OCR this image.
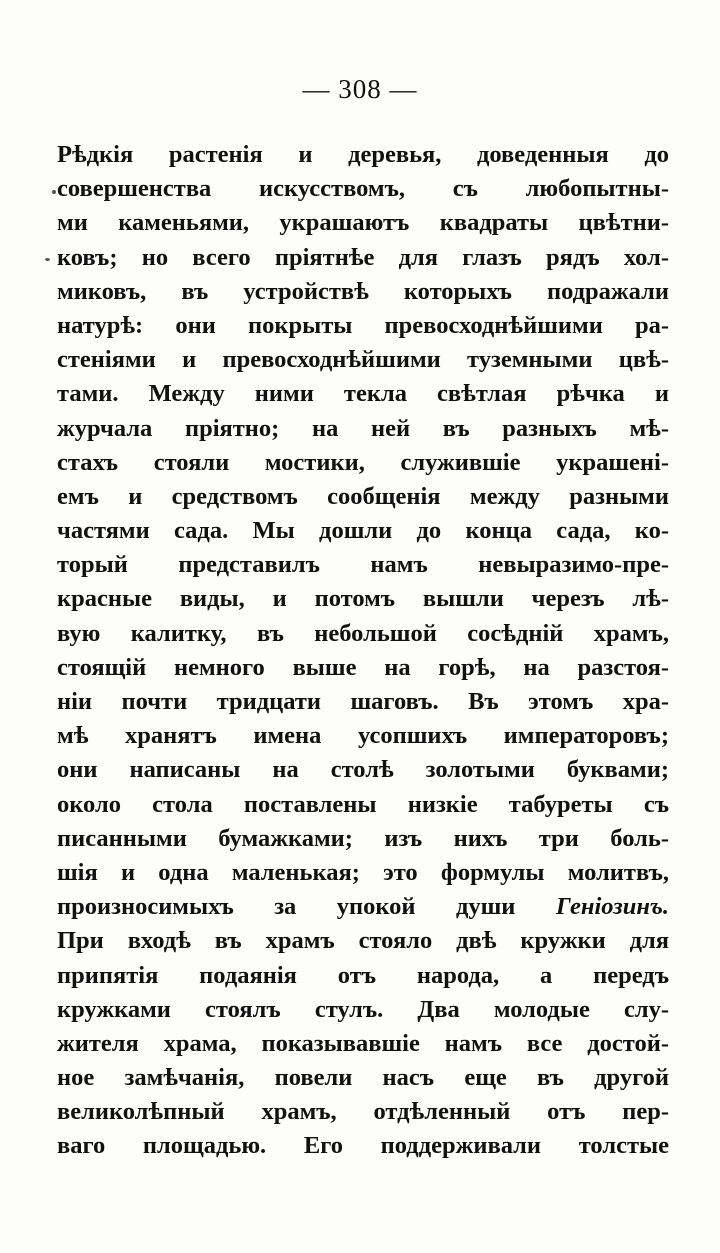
— 308 —
Рѣдкія растенія и деревья, доведенныя до
совершенства искусствомъ, съ любопытны-
ми каменьями, украшаютъ квадраты цвѣтни-
ковъ; но всего пріятнѣе для глазъ рядъ хол-
миковъ, въ устройствѣ которыхъ подражали
натурѣ: они покрыты превосходнѣйшими ра-
стеніями и превосходнѣйшими туземными цвѣ-
тами. Между ними текла свѣтлая рѣчка и
журчала пріятно; на ней въ разныхъ мѣ-
стахъ стояли мостики, служившіе украшені-
емъ и средствомъ сообщенія между разными
частями сада. Мы дошли до конца сада, ко-
торый представилъ намъ невыразимо-пре-
красные виды, и потомъ вышли черезъ лѣ-
вую калитку, въ небольшой сосѣдній храмъ,
стоящій немного выше на горѣ, на разстоя-
ніи почти тридцати шаговъ. Въ этомъ хра-
мѣ хранятъ имена усопшихъ императоровъ;
они написаны на столѣ золотыми буквами;
около стола поставлены низкіе табуреты съ
писанными бумажками; изъ нихъ три боль-
шія и одна маленькая; это формулы молитвъ,
произносимыхъ за упокой души Геніозинъ.
При входѣ въ храмъ стояло двѣ кружки для
припятія подаянія отъ народа, а передъ
кружками стоялъ стулъ. Два молодые слу-
жителя храма, показывавшіе намъ все достой-
ное замѣчанія, повели насъ еще въ другой
великолѣпный храмъ, отдѣленный отъ пер-
ваго площадью. Его поддерживали толстые
